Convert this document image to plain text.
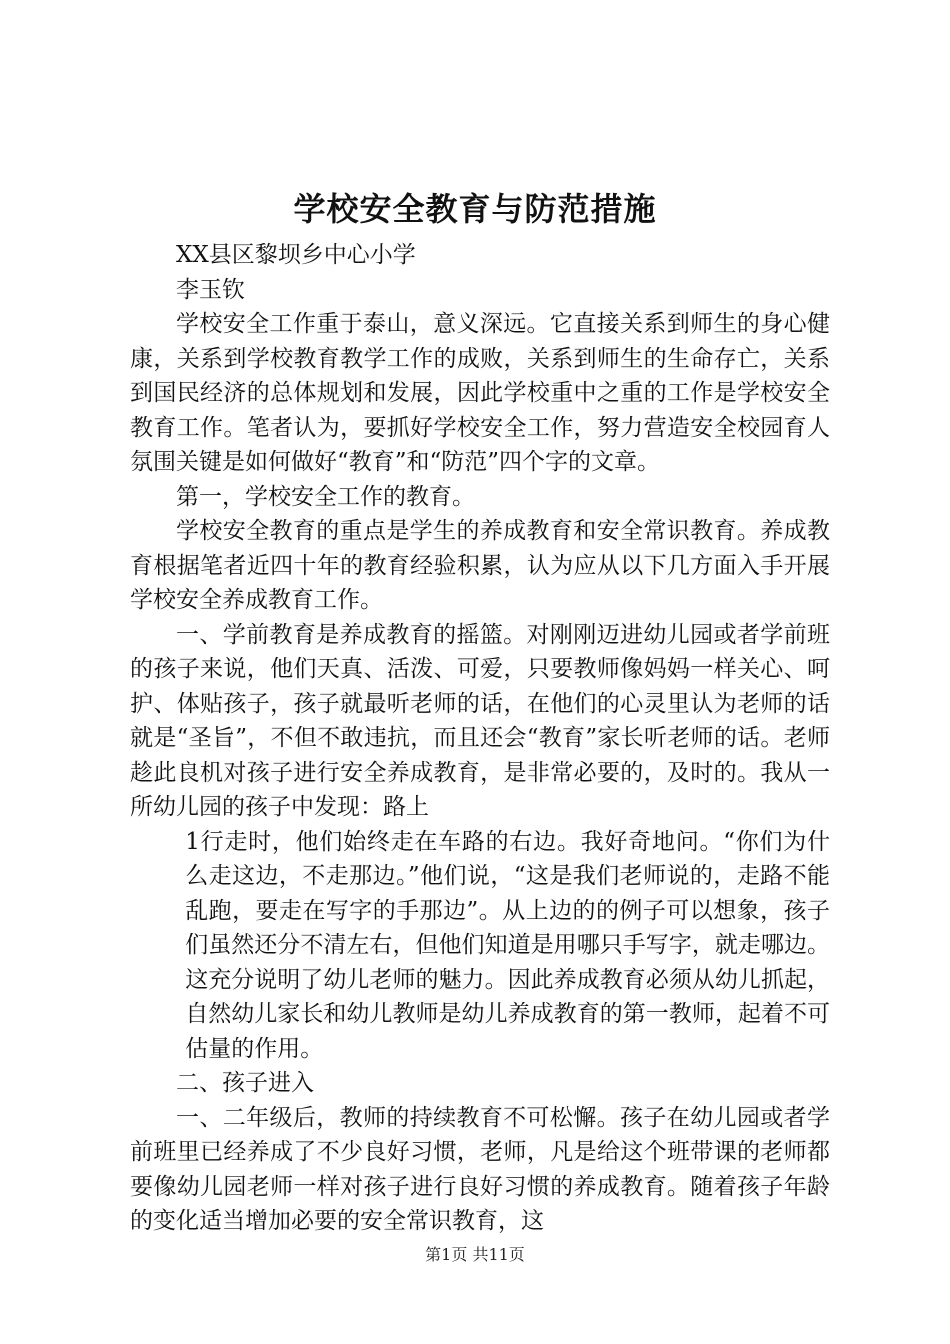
学校安全教育与防范措施

XX县区黎坝乡中心小学

李玉钦

学校安全工作重于泰山，意义深远。它直接关系到师生的身心健康，关系到学校教育教学工作的成败，关系到师生的生命存亡，关系到国民经济的总体规划和发展，因此学校重中之重的工作是学校安全教育工作。笔者认为，要抓好学校安全工作，努力营造安全校园育人氛围关键是如何做好“教育”和“防范”四个字的文章。

第一，学校安全工作的教育。

学校安全教育的重点是学生的养成教育和安全常识教育。养成教育根据笔者近四十年的教育经验积累，认为应从以下几方面入手开展学校安全养成教育工作。

一、学前教育是养成教育的摇篮。对刚刚迈进幼儿园或者学前班的孩子来说，他们天真、活泼、可爱，只要教师像妈妈一样关心、呵护、体贴孩子，孩子就最听老师的话，在他们的心灵里认为老师的话就是“圣旨”，不但不敢违抗，而且还会“教育”家长听老师的话。老师趁此良机对孩子进行安全养成教育，是非常必要的，及时的。我从一所幼儿园的孩子中发现：路上

1行走时，他们始终走在车路的右边。我好奇地问。“你们为什么走这边，不走那边。”他们说，“这是我们老师说的，走路不能乱跑，要走在写字的手那边”。从上边的的例子可以想象，孩子们虽然还分不清左右，但他们知道是用哪只手写字，就走哪边。这充分说明了幼儿老师的魅力。因此养成教育必须从幼儿抓起，自然幼儿家长和幼儿教师是幼儿养成教育的第一教师，起着不可估量的作用。

二、孩子进入

一、二年级后，教师的持续教育不可松懈。孩子在幼儿园或者学前班里已经养成了不少良好习惯，老师，凡是给这个班带课的老师都要像幼儿园老师一样对孩子进行良好习惯的养成教育。随着孩子年龄的变化适当增加必要的安全常识教育，这

第1页 共11页
